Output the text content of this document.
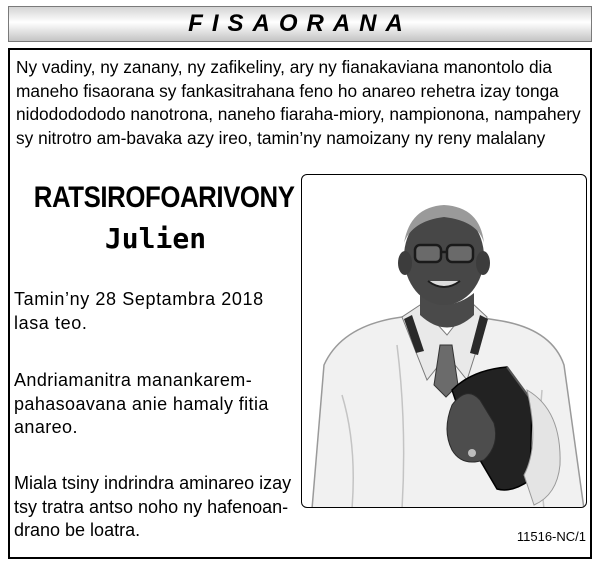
FISAORANA
Ny vadiny, ny zanany, ny zafikeliny, ary ny fianakaviana manontolo dia
maneho fisaorana sy fankasitrahana feno ho anareo rehetra izay tonga
nidododododo nanotrona, naneho fiaraha-miory, nampionona, nampahery
sy nitrotro am-bavaka azy ireo, tamin’ny namoizany ny reny malalany
RATSIROFOARIVONY
Julien
Tamin’ny 28 Septambra 2018
lasa teo.
Andriamanitra manankarem-
pahasoavana anie hamaly fitia
anareo.
Miala tsiny indrindra aminareo izay
tsy tratra antso noho ny hafenoan-
drano be loatra.	11516-NC/1
